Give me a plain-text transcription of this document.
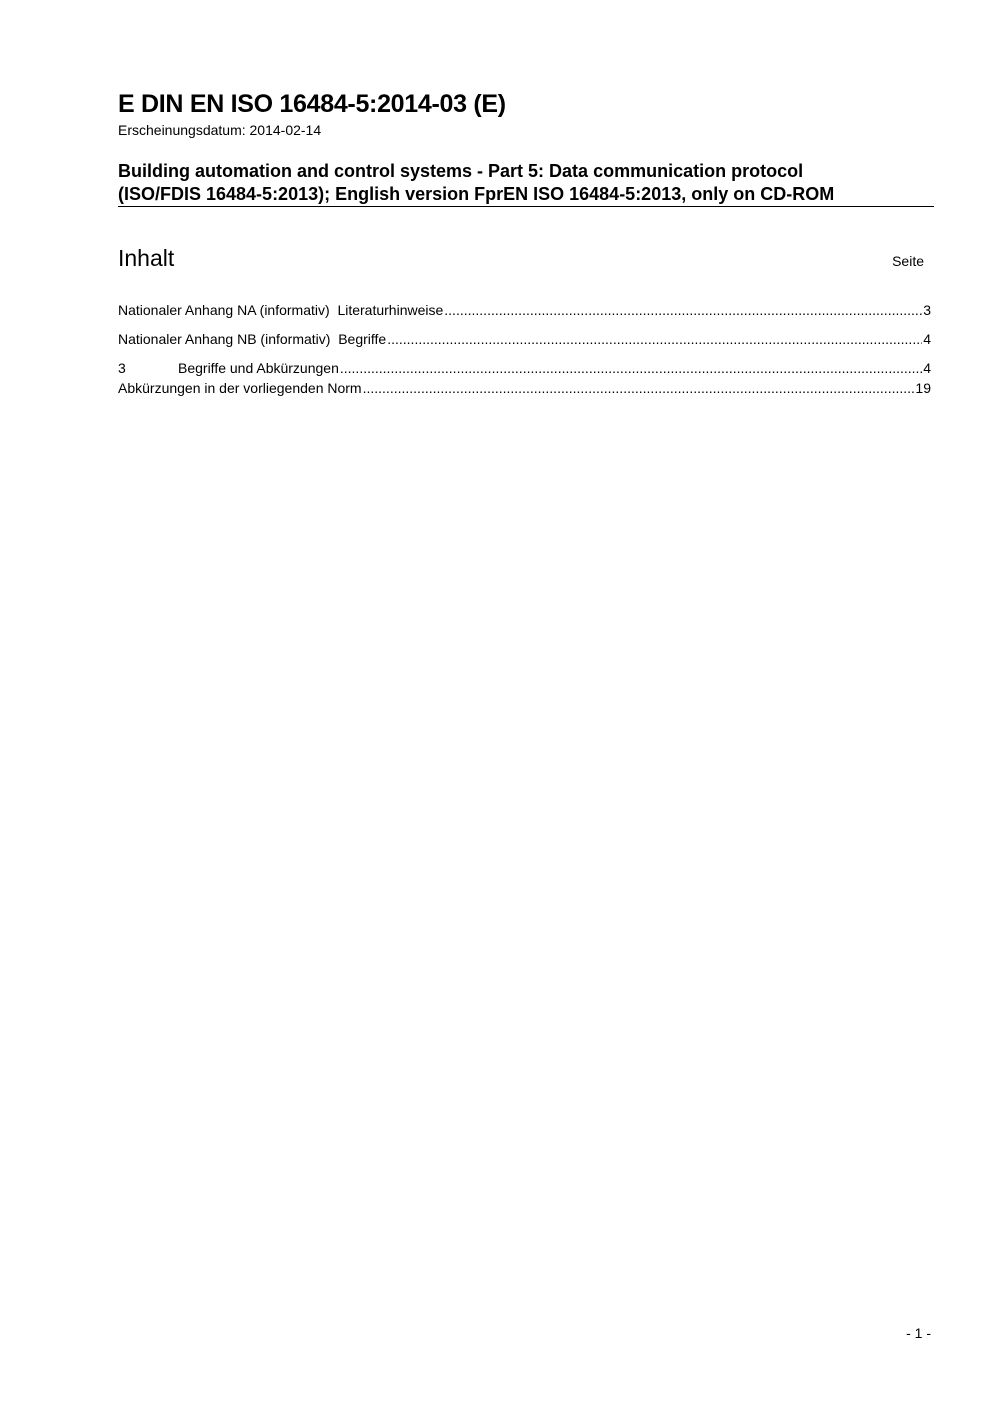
E DIN EN ISO 16484-5:2014-03 (E)
Erscheinungsdatum: 2014-02-14
Building automation and control systems - Part 5: Data communication protocol
(ISO/FDIS 16484-5:2013); English version FprEN ISO 16484-5:2013, only on CD-ROM
Inhalt	Seite
Nationaler Anhang NA (informativ)  Literaturhinweise .....	3
Nationaler Anhang NB (informativ)  Begriffe .....	4
3	Begriffe und Abkürzungen .....	4
Abkürzungen in der vorliegenden Norm .....	19
- 1 -
